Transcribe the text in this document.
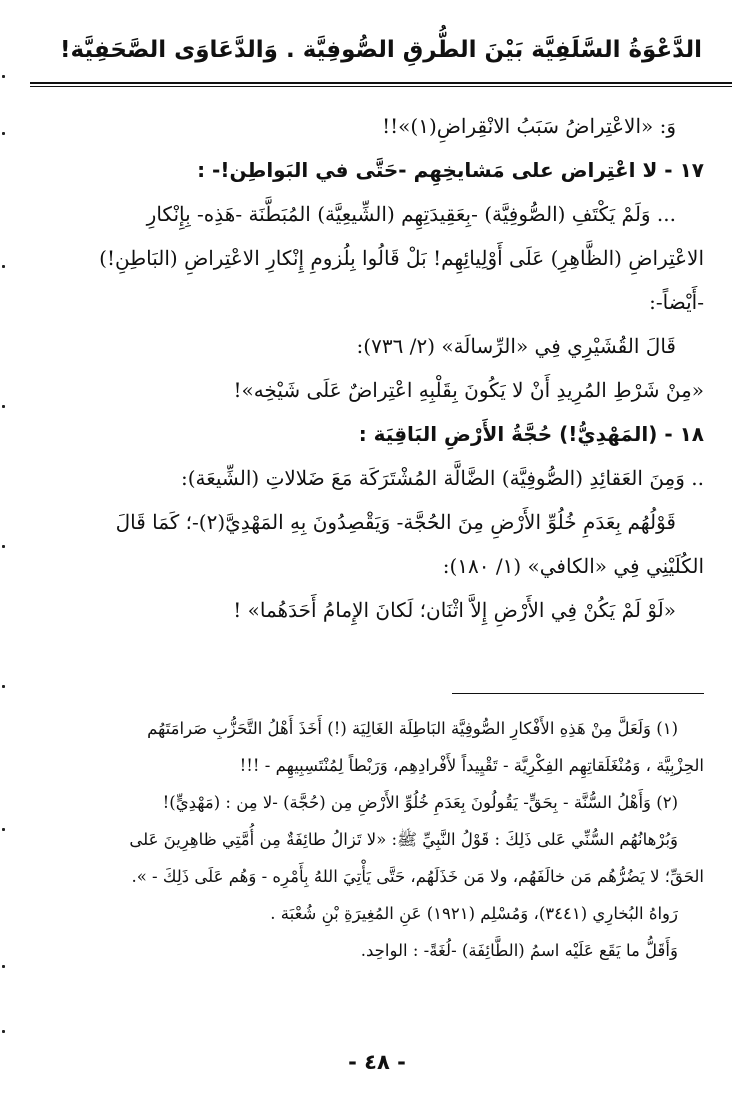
الدَّعْوَةُ السَّلَفِيَّة بَيْنَ الطُّرقِ الصُّوفِيَّة . وَالدَّعَاوَى الصَّحَفِيَّة!
وَ: «الاعْتِراضُ سَبَبُ الانْقِراضِ(١)»!!
١٧ - لا اعْتِراض على مَشايخِهِم -حَتَّى في البَواطِن!- :
... وَلَمْ يَكْتَفِ (الصُّوفِيَّة) -بِعَقِيدَتِهِم (الشِّيعِيَّة) المُبَطَّنَة -هَذِه- بِإِنْكارِ
الاعْتِراضِ (الظَّاهِرِ) عَلَى أَوْلِيائِهِم! بَلْ قَالُوا بِلُزومِ إِنْكارِ الاعْتِراضِ (البَاطِنِ!)
-أَيْضاً-:
قَالَ القُشَيْرِي فِي «الرِّسالَة» (٢/ ٧٣٦):
«مِنْ شَرْطِ المُرِيدِ أَنْ لا يَكُونَ بِقَلْبِهِ اعْتِراضٌ عَلَى شَيْخِه»!
١٨ - (المَهْدِيُّ!) حُجَّةُ الأَرْضِ البَاقِيَة :
.. وَمِنَ العَقائِدِ (الصُّوفِيَّة) الضَّالَّة المُشْتَرَكَة مَعَ ضَلالاتِ (الشِّيعَة):
قَوْلُهُم بِعَدَمِ خُلُوِّ الأَرْضِ مِنَ الحُجَّة- وَيَقْصِدُونَ بِهِ المَهْدِيَّ(٢)-؛ كَمَا قَالَ
الكُلَيْنِي فِي «الكافي» (١/ ١٨٠):
«لَوْ لَمْ يَكُنْ فِي الأَرْضِ إِلاَّ اثْنَان؛ لَكانَ الإِمامُ أَحَدَهُما» !
(١) وَلَعَلَّ مِنْ هَذِهِ الأَفْكارِ الصُّوفِيَّة البَاطِلَة الغَالِيَة (!) أَخَذَ أَهْلُ التَّحَزُّبِ صَرامَتَهُم
الحِزْبِيَّة ، وَمُنْغَلَقاتِهِم الفِكْرِيَّة - تَقْيِيداً لأَفْرادِهِم، وَرَبْطاً لِمُنْتَسِبِيهِم - !!!
(٢) وَأَهْلُ السُّنَّة - بِحَقٍّ- يَقُولُونَ بِعَدَمِ خُلُوِّ الأَرْضِ مِن (حُجَّة) -لا مِن : (مَهْدِيٍّ)!
وَبُرْهانُهُم السُّنِّي عَلى ذَلِكَ : قَوْلُ النَّبِيِّ ﷺ: «لا تَزالُ طائِفَةٌ مِن أُمَّتِي ظاهِرِينَ عَلى
الحَقِّ؛ لا يَضُرُّهُم مَن خالَفَهُم، ولا مَن خَذَلَهُم، حَتَّى يَأْتِيَ اللهُ بِأَمْرِه - وَهُم عَلَى ذَلِكَ - ».
رَواهُ البُخارِي (٣٤٤١)، وَمُسْلِم (١٩٢١) عَنِ المُغِيرَةِ بْنِ شُعْبَة .
وَأَقَلُّ ما يَقَع عَلَيْه اسمُ (الطَّائِفَة) -لُغَةً- : الواحِد.
- ٤٨ -
